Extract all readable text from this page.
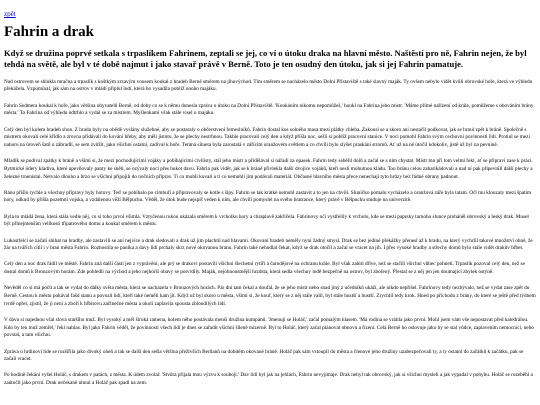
zpět
Fahrin a drak
Když se družina poprvé setkala s trpaslíkem Fahrinem, zeptali se jej, co ví o útoku draka na hlavní město. Naštěstí pro ně, Fahrin nejen, že byl tehdá na světě, ale byl v té době najmut i jako stavař právě v Berně. Toto je ten osudný den útoku, jak si jej Fahrin pamatuje.

Nad ostrovem se shlukla mračna a trpaslík s koštkým zrzavým vousem koukal z hradeb Berně směrem na jihovýchod. Tím směrem se nacházelo město Dolní Přístaviště s také slavný maják. Ty ovšem nebylo vidět kvůli obrovské hoře, která ve výhledu překážela. Vzpomínal, jak sám na ostrov v mládí připlul lodí, která ho vysadila poblíž onoho majáku.

Fahrin Sedmera koukal k hoře, jako většina obyvatelů Berně, od doby co se k němu donesla zpráva o útoku na Dolní Přístaviště. 'Koukáním nikomu nepomůžeš,' houkl na Fahrina jeho mistr. 'Máme přímé nařízení od krále, pomůžeme s obováním brány města.' To Fahrina od výhledu odtrhlo a vydal se za mistrem. Myšlenkami však stále visel u majáku.

Celý den byl kolem hradeb shon. Z hradu byly na obědě vyslány služebné, aby se postaraly o občerstvení řemeslníků. Fahrin dostal kus solného masa mezi plátky chleba. Zakousl se a skoro ani nestačil podkovat, jak se hrnul zpět k bráně. Společně s mistrem okovali celé křídlo a zrovna přidávali do kování hřeby, aby měli jistotu, že se plechy nestrhnou. Takhle pracovali celý den a když přišla noc, sešli si poblíž pracovní stanice. V noci pomohl Fahrin svým cechovní povinnosti lidi. Protiul se mezi nahoru na úroveň šatů u zábradlí, se sem zvůžit, jako všichni ostatní, zadíval k hoře. Temná silueta byla zarostalá v zářícím oranžovém světlem a co chvíli bylo slyšet praskání stromů. Ať už na ně útočil kdokoliv, jistě už byl na pevnině.

Mladík se podíval zpátky k bráně a všimi si, že mezi pochodujícími vojáky a pobíhajícími civilisty, stál jeho mistr a přidělával si nářadí za opasek. Fahrin tedy sebělil dolů a začal se s ním chystat. Mistr mu při tom velmi řekl, ať se připraví zase k práci. Rytmické údery kladiva, které upevňovaly panty ke sněti, se ozývaly noci přes hukot davu. Fahrin pak vidět, jak se k bráně přivlekla další dvojice vojáků, kteří nesli mohutnou kládu. Tou bránu celou zabarikádovali a nad ní pak připevnili další plechy a železné trnenistai. Netvalo dlouho a brzo se všichni připojili do nočních příprav. Ti co mohli kovali a ti co nemohli jim podávali materiál. Občasné hlavního města přece nenechají tyto hrůzy bez řádné obrany padnout.

Ráno přišlo rychle a všechny přípravy byly hotovy. Teď se pobíhalo po cimbuří a připravovaly se kotle s šípy. Fahrin se tak krátké nemohl zastavit a to jen na chvíli. Sluníčko pomalu vycházelo a oranžová záře byla tatam. Očí mu klouzaly mezi špatím hory, odkud by přišla pozemní vojska, a vzdálenou věží Bělpuchu. Věděl, že útok bude nejspíš veden k nim, ale chvílí pomyslel na svého bratrance, který právě v Bělpuchu studuje na univerzitě.

Byla to mládá žena, která stála vedle něj, co si toho první všimla. Vztyčenou rukou ukázala směrem k vrcholku hory a chraplavě zakřičela. Fahrinovy oči vystřelily k vrcholu, kde se mezi paprsky tarnoho slunce proháněl obrovský a leský drak. Musel být přinejmenším velikosti třípatrového domu a koukal směrem k městu.

Lukostřelci se začali shihat na hradby, ale zastavili se ani nejvíce a drak sledovali a drak už jim plachtil nad hlavami. Okovaní hradeb neměly nyní žádný smysl. Drak se bez jediné překážky přenesl až k hradu, na který vychrlil takové množství ohně, že žár na tvářích cítil i v bran města Fahrin. Rozhostila se panika a davy lidí prchaly skrz nové okovanou bránu. Fahrin také nehodlal čekat, když se drak otočil a začal se vracet na jih. I přes vysoké hradby a střechy domů bylo stále vidět drakův hřbet.

Celý den a noc drak řádil ve městě. Fahrin zná další části jen z vyprávění, ale prý se drakovi postavili všichni šlechetní rytíři a čarodějové na ochranu krále. Byl však zabití dříve, než se stačili všichni vůbec pohnetí. Trpaslík pozoval celý den, než se dostal domů k Bronzovým horám. Zde pohledli na východ a jeho nejhorší obavy se potvrdily. Maják, nejohnoustnější hrzdsta, která sedla všechny lodě bezpečně na ostrov, byl zbořený. Přestal se z něj jen jen doutnající zbytek ostýně.

Nevěděl co si má počít a tak se vydal do dálky světa města, která se nacházela v Bronzových horách. Pár dní tam čekal a doufal, že se jeho mistr nebo snad jiný z učedníků ukáží, ale nikdo nepřišel. Fahrinovy tedy nezbývalo, než se vydat zase zpět do Berně. Cestou k městu pokával fašd stanu a povozů lidí, kteří také neměli kam jít. Když už byl skoro u města, všimí si, že kouř, který se z něj stále valil, byl stále hustší a hustší. Zrychlil tedy krok. Hned po příchodu z brány, do které se ještě před týdnem tvrdě opřel, zjistil, že ji není a zboří k hřbitovu začlnečné města a okolí zaplavila spousta zbloudilých lidí.

V davu si najednou všal slova staršího muž. Byl vysoký a měl široká ramena, kolem něho postávala menší družina kumpánů. 'Jmenuji se Holáč,' začal pomalým hlasem. 'Má rodina se vrátila jako první. Mohl jsem vám vše nepostavat před katedrálou. Kdo by ten muž zemřel,' řekl nahlas. Byl jako Fahrin věděl, že povinností všech lidí je dnes se zařadit všichni šíleně mizerně. Byl to Holáč, který začal plánovat obnovu a řízení. Celá Berně ho oslovuje jako by se stal vůdce, zaplavením nemocnici, nebo povstal, a tam všichni.

Zpráva o hrdinovi lide se rozšířila jako divoký oheň a tak se další den sešla většina přeživších Berňanů na dobitém okované bráně. Holáč pak sám vstoupil do města a členové jeho družiny uzabezpečovali ty, a ty ostatní do začátků k začátku, pak se začali vracet.

Po hodině čekání vyšel Holáč, s drakem v patách, z města. K údem zvolal: 'Stvůra přijala mou výzvu k souboji.' Dav lidí byl jak na jehlách, Fahrin nevyjímaje. Drak nebyl tak obrovský, jak si všichni mysleli a jak vypadal v pohybu. Holáč se rozeběhl a zaútočil jako první. Drak nečekaně uhnul a Holáč pak spadl na zem.
